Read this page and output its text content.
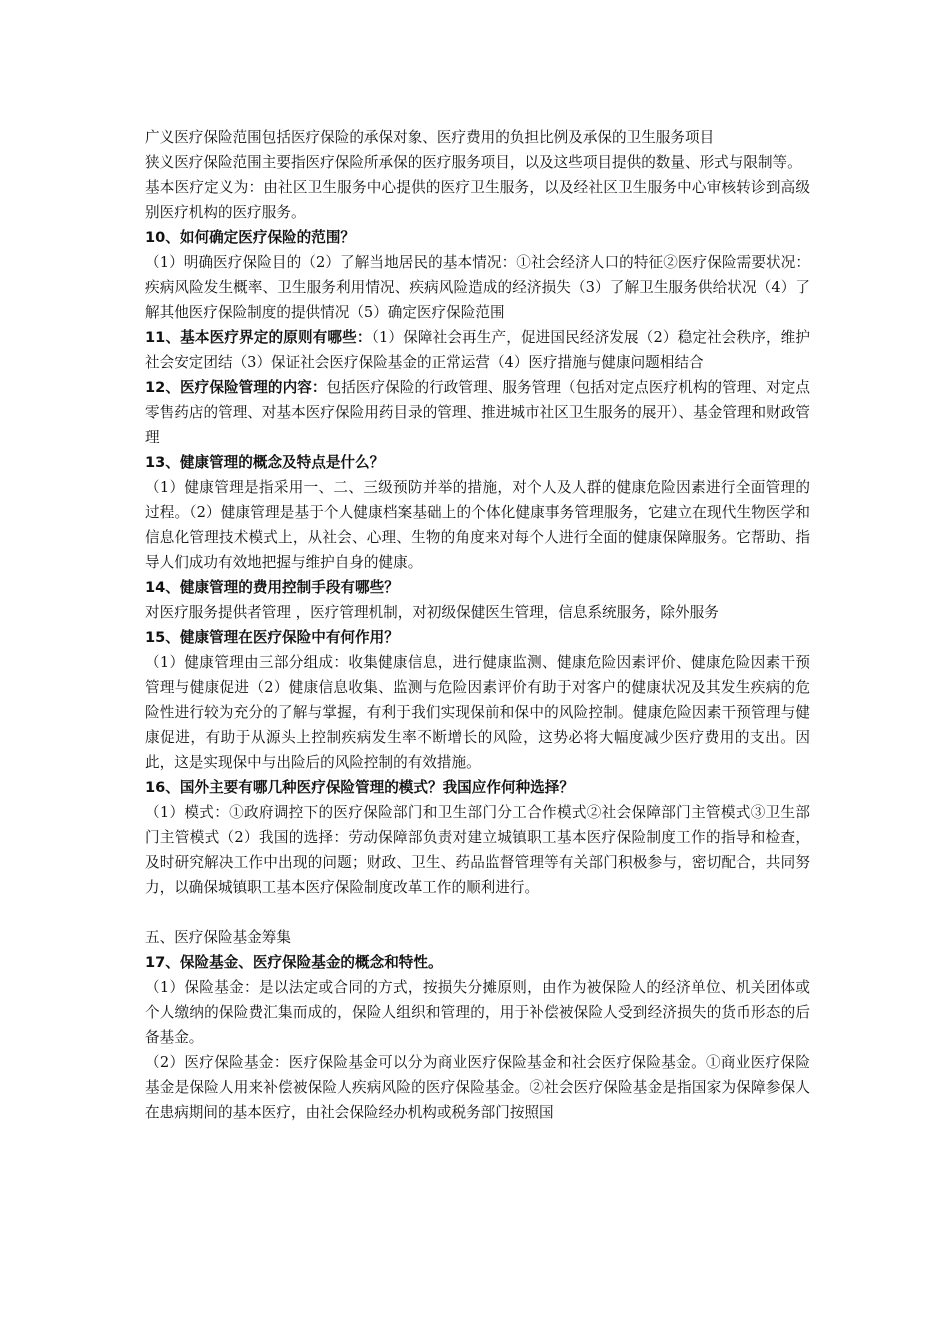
广义医疗保险范围包括医疗保险的承保对象、医疗费用的负担比例及承保的卫生服务项目

狭义医疗保险范围主要指医疗保险所承保的医疗服务项目，以及这些项目提供的数量、形式与限制等。

基本医疗定义为：由社区卫生服务中心提供的医疗卫生服务，以及经社区卫生服务中心审核转诊到高级别医疗机构的医疗服务。

10、如何确定医疗保险的范围？

（1）明确医疗保险目的（2）了解当地居民的基本情况：①社会经济人口的特征②医疗保险需要状况：疾病风险发生概率、卫生服务利用情况、疾病风险造成的经济损失（3）了解卫生服务供给状况（4）了解其他医疗保险制度的提供情况（5）确定医疗保险范围

11、基本医疗界定的原则有哪些：（1）保障社会再生产，促进国民经济发展（2）稳定社会秩序，维护社会安定团结（3）保证社会医疗保险基金的正常运营（4）医疗措施与健康问题相结合

12、医疗保险管理的内容：包括医疗保险的行政管理、服务管理（包括对定点医疗机构的管理、对定点零售药店的管理、对基本医疗保险用药目录的管理、推进城市社区卫生服务的展开）、基金管理和财政管理

13、健康管理的概念及特点是什么？

（1）健康管理是指采用一、二、三级预防并举的措施，对个人及人群的健康危险因素进行全面管理的过程。（2）健康管理是基于个人健康档案基础上的个体化健康事务管理服务，它建立在现代生物医学和信息化管理技术模式上，从社会、心理、生物的角度来对每个人进行全面的健康保障服务。它帮助、指导人们成功有效地把握与维护自身的健康。

14、健康管理的费用控制手段有哪些？

对医疗服务提供者管理 ，医疗管理机制，对初级保健医生管理，信息系统服务，除外服务

15、健康管理在医疗保险中有何作用？

（1）健康管理由三部分组成：收集健康信息，进行健康监测、健康危险因素评价、健康危险因素干预管理与健康促进（2）健康信息收集、监测与危险因素评价有助于对客户的健康状况及其发生疾病的危险性进行较为充分的了解与掌握，有利于我们实现保前和保中的风险控制。健康危险因素干预管理与健康促进，有助于从源头上控制疾病发生率不断增长的风险，这势必将大幅度减少医疗费用的支出。因此，这是实现保中与出险后的风险控制的有效措施。

16、国外主要有哪几种医疗保险管理的模式？我国应作何种选择？

（1）模式：①政府调控下的医疗保险部门和卫生部门分工合作模式②社会保障部门主管模式③卫生部门主管模式（2）我国的选择：劳动保障部负责对建立城镇职工基本医疗保险制度工作的指导和检查，及时研究解决工作中出现的问题；财政、卫生、药品监督管理等有关部门积极参与，密切配合，共同努力，以确保城镇职工基本医疗保险制度改革工作的顺利进行。

五、医疗保险基金筹集

17、保险基金、医疗保险基金的概念和特性。

（1）保险基金：是以法定或合同的方式，按损失分摊原则，由作为被保险人的经济单位、机关团体或个人缴纳的保险费汇集而成的，保险人组织和管理的，用于补偿被保险人受到经济损失的货币形态的后备基金。

（2）医疗保险基金：医疗保险基金可以分为商业医疗保险基金和社会医疗保险基金。①商业医疗保险基金是保险人用来补偿被保险人疾病风险的医疗保险基金。②社会医疗保险基金是指国家为保障参保人在患病期间的基本医疗，由社会保险经办机构或税务部门按照国
